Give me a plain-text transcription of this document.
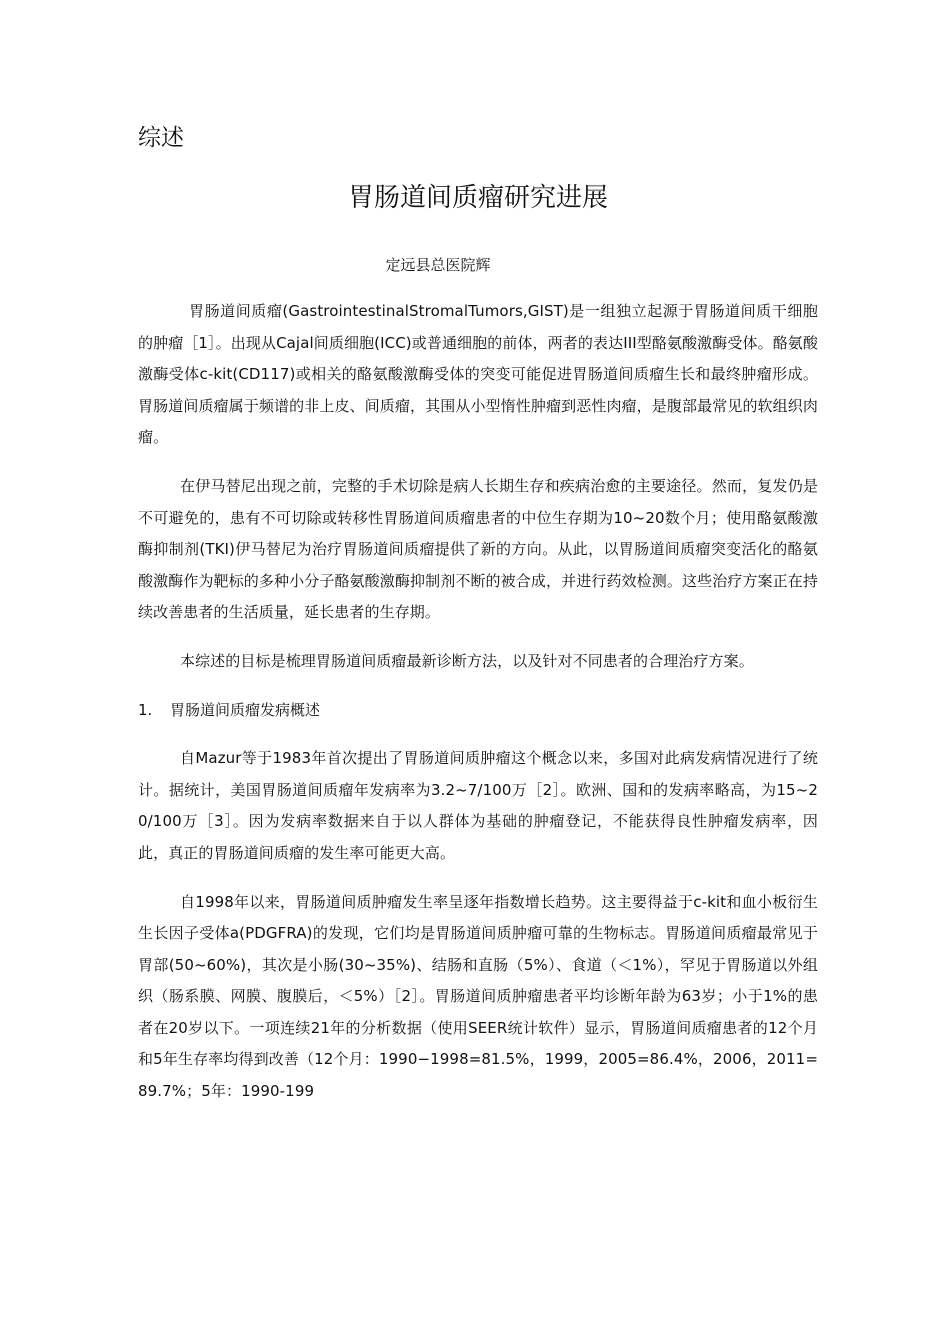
综述
胃肠道间质瘤研究进展

定远县总医院辉

胃肠道间质瘤(GastrointestinalStromalTumors,GIST)是一组独立起源于胃肠道间质干细胞的肿瘤［1］。出现从Cajal间质细胞(ICC)或普通细胞的前体，两者的表达III型酪氨酸激酶受体。酪氨酸激酶受体c-kit(CD117)或相关的酪氨酸激酶受体的突变可能促进胃肠道间质瘤生长和最终肿瘤形成。胃肠道间质瘤属于频谱的非上皮、间质瘤，其围从小型惰性肿瘤到恶性肉瘤，是腹部最常见的软组织肉瘤。

在伊马替尼出现之前，完整的手术切除是病人长期生存和疾病治愈的主要途径。然而，复发仍是不可避免的，患有不可切除或转移性胃肠道间质瘤患者的中位生存期为10~20数个月；使用酪氨酸激酶抑制剂(TKI)伊马替尼为治疗胃肠道间质瘤提供了新的方向。从此，以胃肠道间质瘤突变活化的酪氨酸激酶作为靶标的多种小分子酪氨酸激酶抑制剂不断的被合成，并进行药效检测。这些治疗方案正在持续改善患者的生活质量，延长患者的生存期。

本综述的目标是梳理胃肠道间质瘤最新诊断方法，以及针对不同患者的合理治疗方案。

1. 胃肠道间质瘤发病概述

自Mazur等于1983年首次提出了胃肠道间质肿瘤这个概念以来，多国对此病发病情况进行了统计。据统计，美国胃肠道间质瘤年发病率为3.2~7/100万［2］。欧洲、国和的发病率略高，为15~20/100万［3］。因为发病率数据来自于以人群体为基础的肿瘤登记，不能获得良性肿瘤发病率，因此，真正的胃肠道间质瘤的发生率可能更大高。

自1998年以来，胃肠道间质肿瘤发生率呈逐年指数增长趋势。这主要得益于c-kit和血小板衍生生长因子受体a(PDGFRA)的发现，它们均是胃肠道间质肿瘤可靠的生物标志。胃肠道间质瘤最常见于胃部(50~60%)，其次是小肠(30~35%)、结肠和直肠（5%）、食道（＜1%），罕见于胃肠道以外组织（肠系膜、网膜、腹膜后，＜5%）［2］。胃肠道间质肿瘤患者平均诊断年龄为63岁；小于1%的患者在20岁以下。一项连续21年的分析数据（使用SEER统计软件）显示，胃肠道间质瘤患者的12个月和5年生存率均得到改善（12个月：1990−1998=81.5%，1999，2005=86.4%，2006，2011=89.7%；5年：1990-199
